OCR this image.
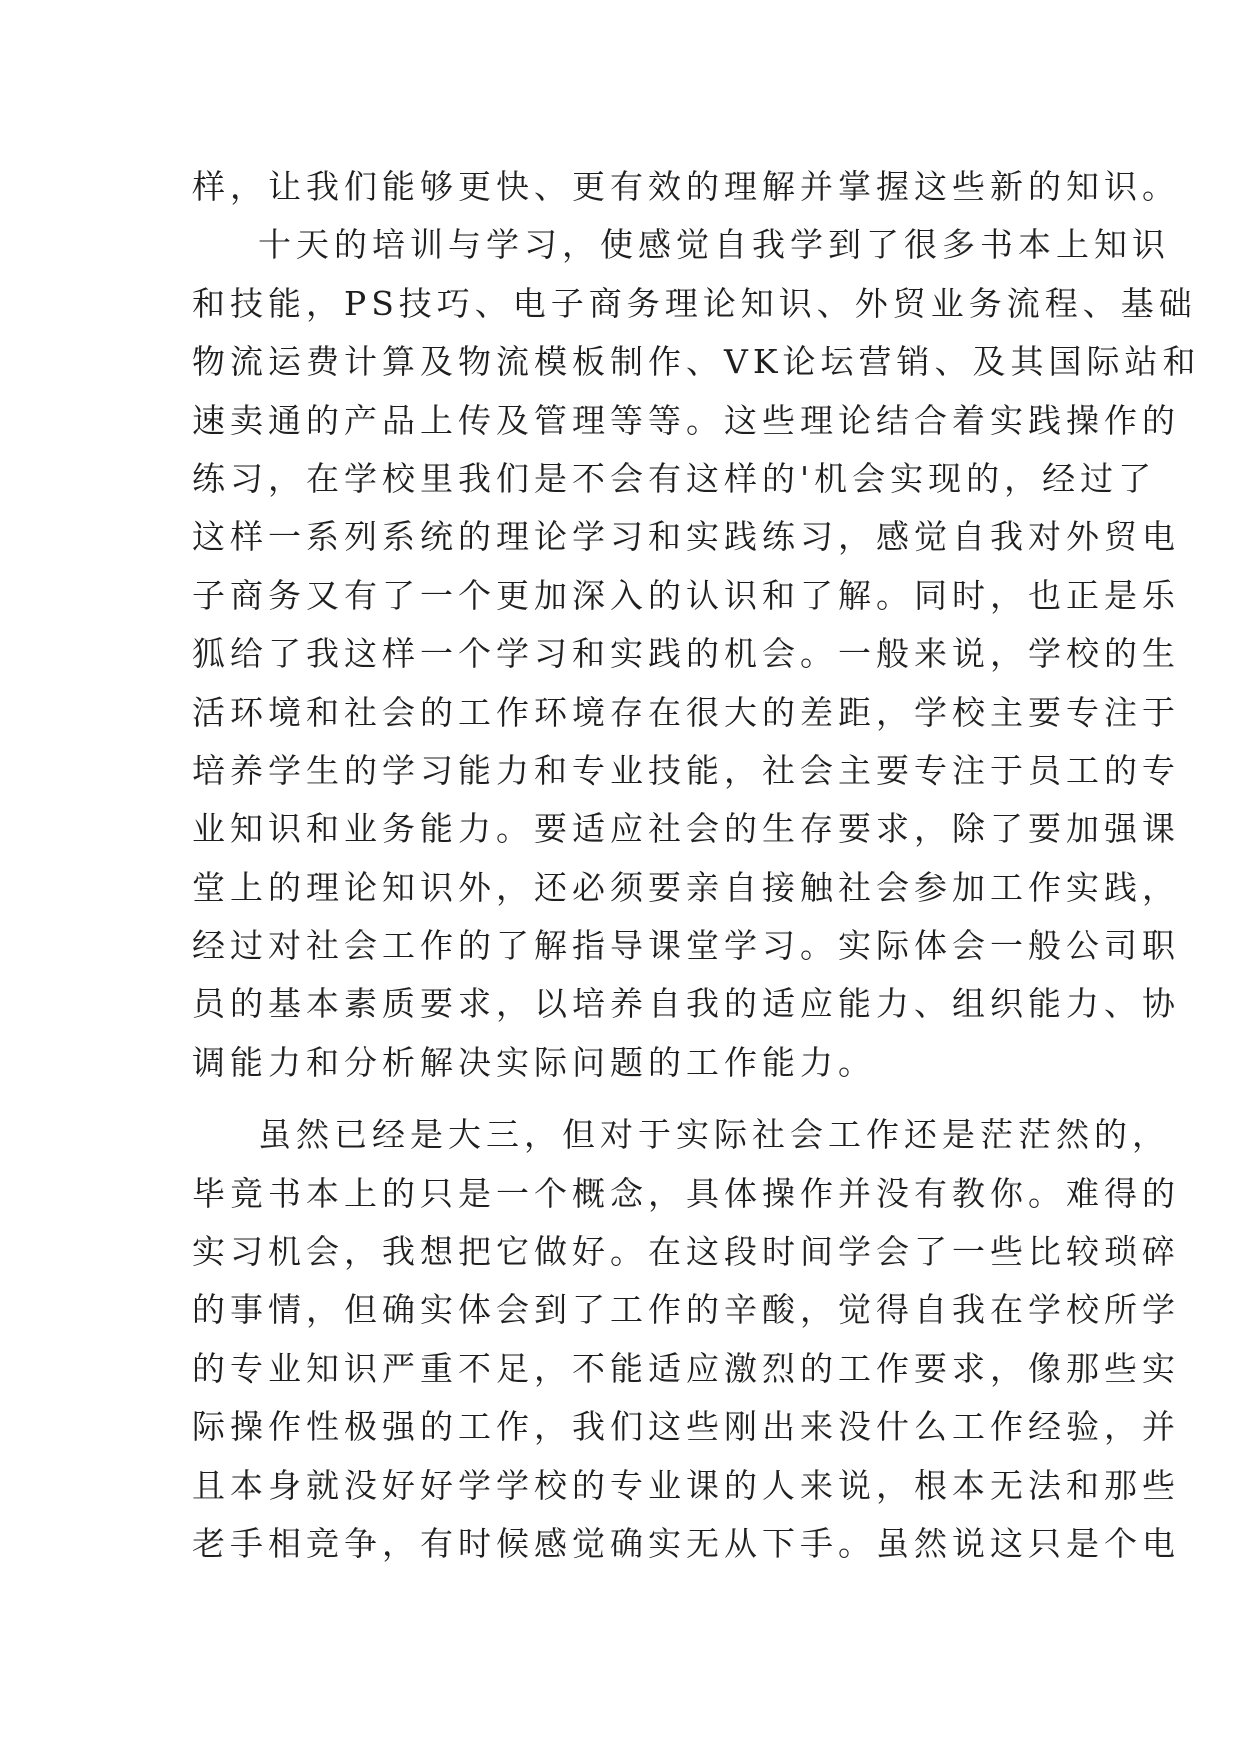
样，让我们能够更快、更有效的理解并掌握这些新的知识。
十天的培训与学习，使感觉自我学到了很多书本上知识
和技能，PS技巧、电子商务理论知识、外贸业务流程、基础
物流运费计算及物流模板制作、VK论坛营销、及其国际站和
速卖通的产品上传及管理等等。这些理论结合着实践操作的
练习，在学校里我们是不会有这样的'机会实现的，经过了
这样一系列系统的理论学习和实践练习，感觉自我对外贸电
子商务又有了一个更加深入的认识和了解。同时，也正是乐
狐给了我这样一个学习和实践的机会。一般来说，学校的生
活环境和社会的工作环境存在很大的差距，学校主要专注于
培养学生的学习能力和专业技能，社会主要专注于员工的专
业知识和业务能力。要适应社会的生存要求，除了要加强课
堂上的理论知识外，还必须要亲自接触社会参加工作实践，
经过对社会工作的了解指导课堂学习。实际体会一般公司职
员的基本素质要求，以培养自我的适应能力、组织能力、协
调能力和分析解决实际问题的工作能力。
虽然已经是大三，但对于实际社会工作还是茫茫然的，
毕竟书本上的只是一个概念，具体操作并没有教你。难得的
实习机会，我想把它做好。在这段时间学会了一些比较琐碎
的事情，但确实体会到了工作的辛酸，觉得自我在学校所学
的专业知识严重不足，不能适应激烈的工作要求，像那些实
际操作性极强的工作，我们这些刚出来没什么工作经验，并
且本身就没好好学学校的专业课的人来说，根本无法和那些
老手相竞争，有时候感觉确实无从下手。虽然说这只是个电
